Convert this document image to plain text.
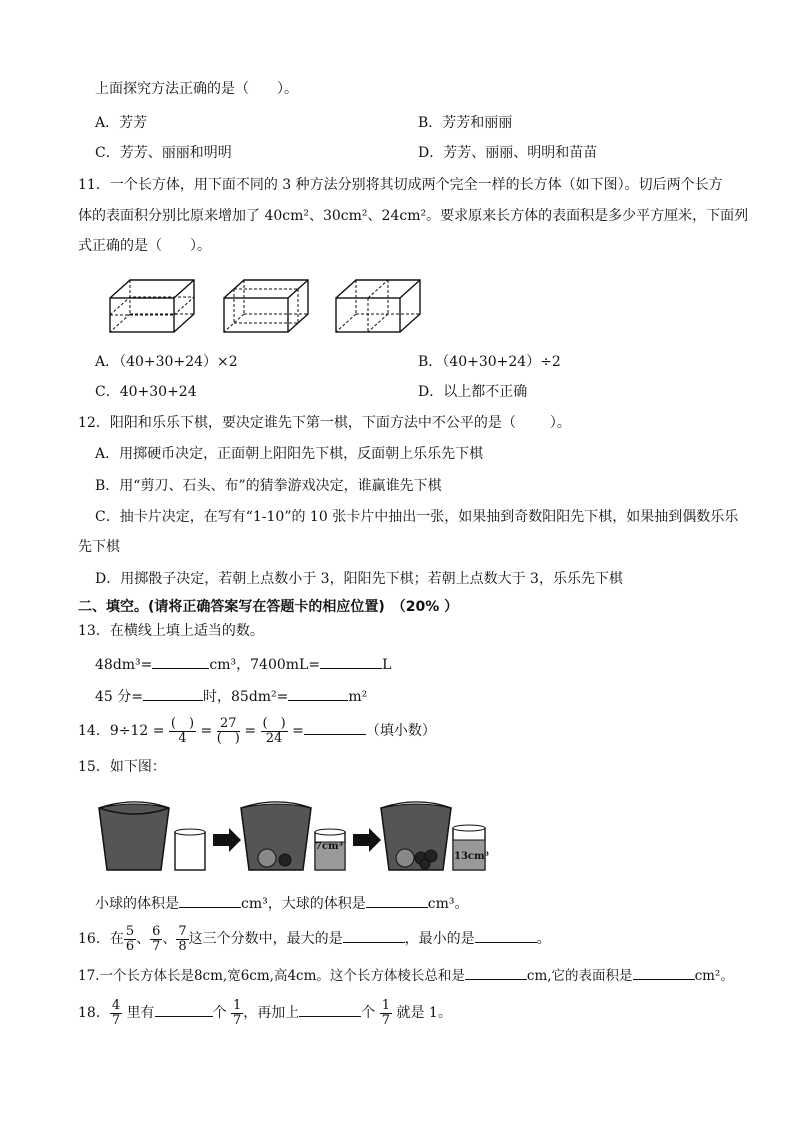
上面探究方法正确的是（ ）。
A．芳芳	B．芳芳和丽丽
C．芳芳、丽丽和明明	D．芳芳、丽丽、明明和苗苗
11．一个长方体，用下面不同的 3 种方法分别将其切成两个完全一样的长方体（如下图）。切后两个长方
体的表面积分别比原来增加了 40cm²、30cm²、24cm²。要求原来长方体的表面积是多少平方厘米，下面列
式正确的是（ ）。
A．（40+30+24）×2	B．（40+30+24）÷2
C．40+30+24	D．以上都不正确
12．阳阳和乐乐下棋，要决定谁先下第一棋，下面方法中不公平的是（ ）。
A．用掷硬币决定，正面朝上阳阳先下棋，反面朝上乐乐先下棋
B．用“剪刀、石头、布”的猜拳游戏决定，谁赢谁先下棋
C．抽卡片决定，在写有“1-10”的 10 张卡片中抽出一张，如果抽到奇数阳阳先下棋，如果抽到偶数乐乐
先下棋
D．用掷骰子决定，若朝上点数小于 3，阳阳先下棋；若朝上点数大于 3，乐乐先下棋
二、填空。(请将正确答案写在答题卡的相应位置)　（20% ）
13．在横线上填上适当的数。
48dm³=	cm³，7400mL=	L
45 分=	时，85dm²=	m²
14．$9\div 12 = \frac{( )}{4} = \frac{27}{( )} = \frac{( )}{24}$ =	（填小数）
15．如下图：
7cm³
13cm³
小球的体积是	cm³，大球的体积是	cm³。
16．在 $\frac{5}{6}$ 、 $\frac{6}{7}$ 、 $\frac{7}{8}$ 这三个分数中，最大的是	，最小的是	。
17.一个长方体长是8cm,宽6cm,高4cm。这个长方体棱长总和是	cm,它的表面积是	cm²。
18． $\frac{4}{7}$ 里有	个 $\frac{1}{7}$ ，再加上	个 $\frac{1}{7}$ 就是 1。
